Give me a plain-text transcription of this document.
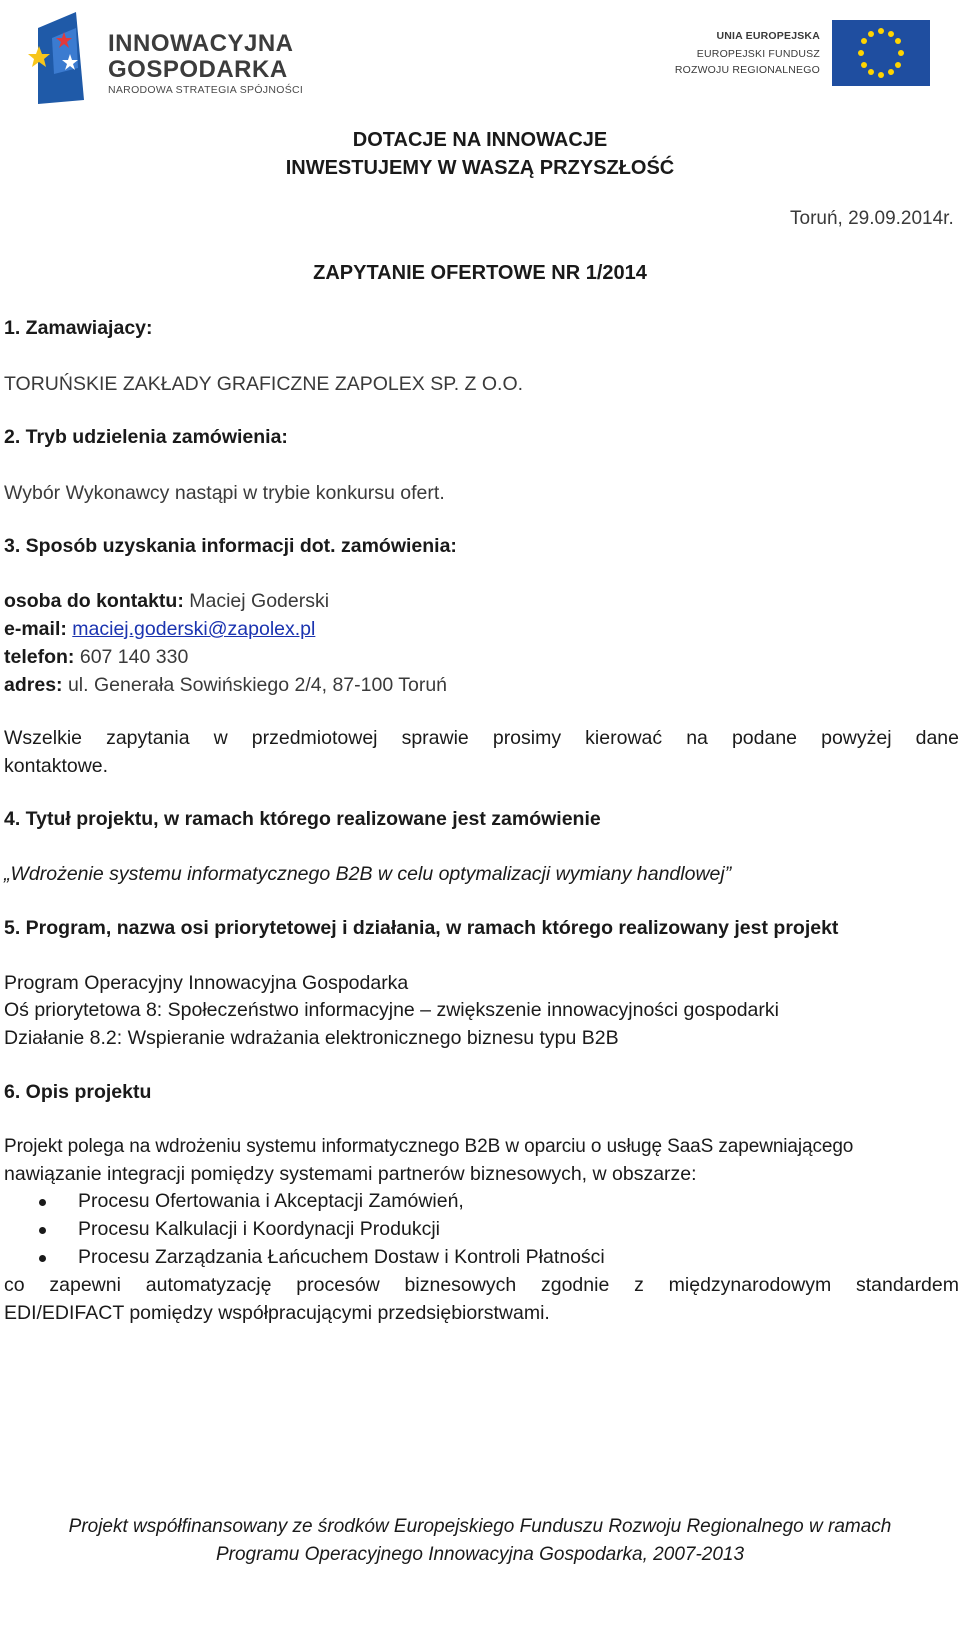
INNOWACYJNA
GOSPODARKA
NARODOWA STRATEGIA SPÓJNOŚCI
UNIA EUROPEJSKA
EUROPEJSKI FUNDUSZ
ROZWOJU REGIONALNEGO
DOTACJE NA INNOWACJE
INWESTUJEMY W WASZĄ PRZYSZŁOŚĆ
Toruń, 29.09.2014r.
ZAPYTANIE OFERTOWE NR 1/2014
1. Zamawiajacy:
TORUŃSKIE ZAKŁADY GRAFICZNE ZAPOLEX SP. Z O.O.
2. Tryb udzielenia zamówienia:
Wybór Wykonawcy nastąpi w trybie konkursu ofert.
3. Sposób uzyskania informacji dot. zamówienia:
osoba do kontaktu: Maciej Goderski
e-mail: maciej.goderski@zapolex.pl
telefon: 607 140 330
adres: ul. Generała Sowińskiego 2/4, 87-100 Toruń
Wszelkie zapytania w przedmiotowej sprawie prosimy kierować na podane powyżej dane
kontaktowe.
4. Tytuł projektu, w ramach którego realizowane jest zamówienie
„Wdrożenie systemu informatycznego B2B w celu optymalizacji wymiany handlowej”
5. Program, nazwa osi priorytetowej i działania, w ramach którego realizowany jest projekt
Program Operacyjny Innowacyjna Gospodarka
Oś priorytetowa 8: Społeczeństwo informacyjne – zwiększenie innowacyjności gospodarki
Działanie 8.2: Wspieranie wdrażania elektronicznego biznesu typu B2B
6. Opis projektu
Projekt polega na wdrożeniu systemu informatycznego B2B w oparciu o usługę SaaS zapewniającego
nawiązanie integracji pomiędzy systemami partnerów biznesowych, w obszarze:
Procesu Ofertowania i Akceptacji Zamówień,
Procesu Kalkulacji i Koordynacji Produkcji
Procesu Zarządzania Łańcuchem Dostaw i Kontroli Płatności
co zapewni automatyzację procesów biznesowych zgodnie z międzynarodowym standardem
EDI/EDIFACT pomiędzy współpracującymi przedsiębiorstwami.
Projekt współfinansowany ze środków Europejskiego Funduszu Rozwoju Regionalnego w ramach
Programu Operacyjnego Innowacyjna Gospodarka, 2007-2013
